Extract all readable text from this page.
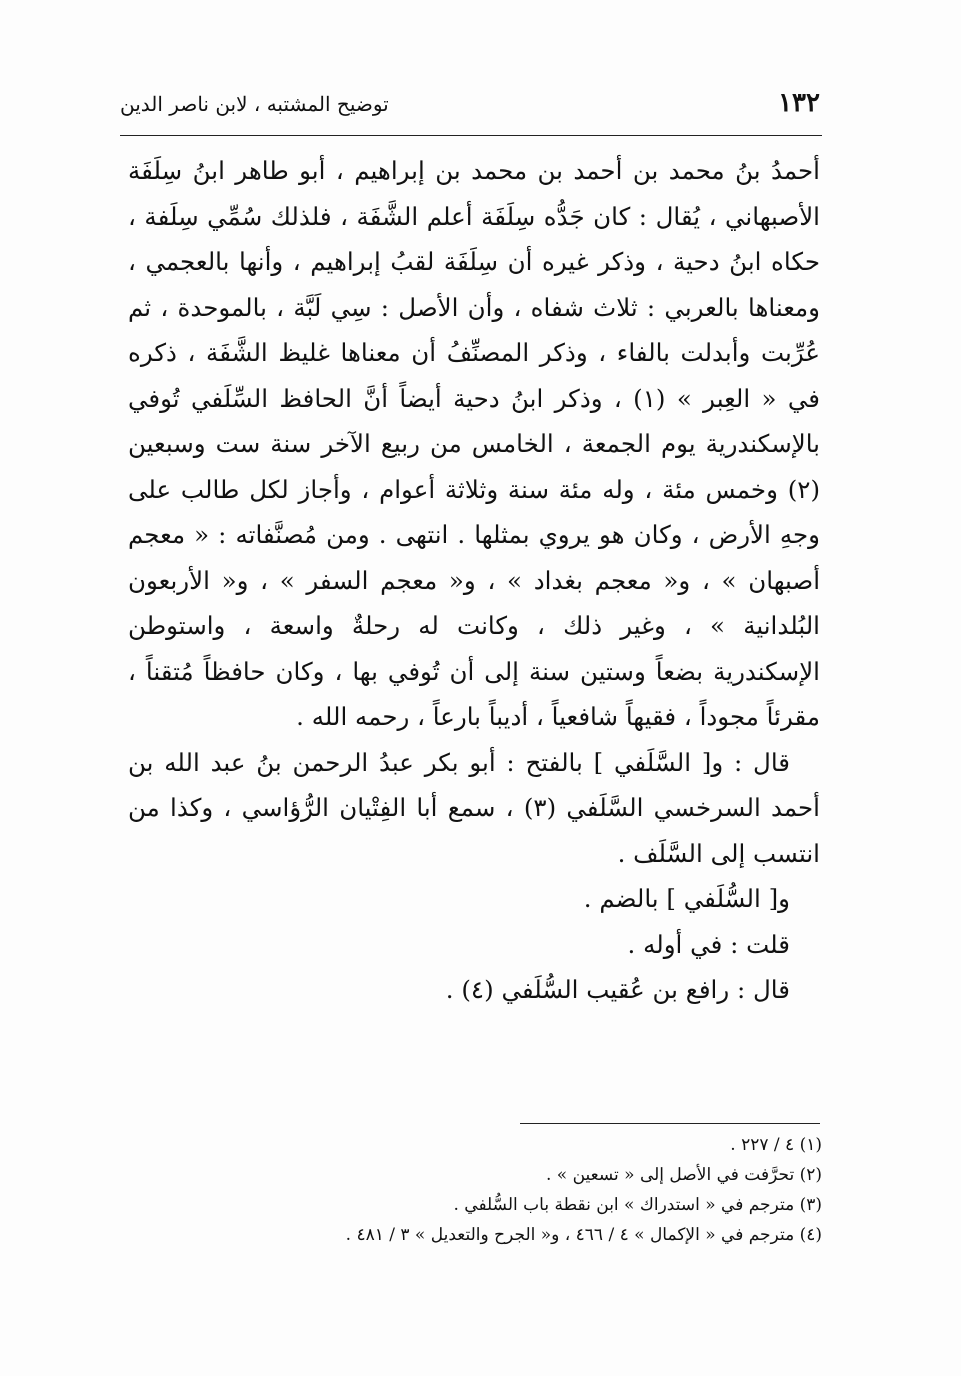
١٣٢
توضيح المشتبه ، لابن ناصر الدين

أحمدُ بنُ محمد بن أحمد بن محمد بن إبراهيم ، أبو طاهر ابنُ سِلَفَة الأصبهاني ، يُقال : كان جَدُّه سِلَفَة أعلم الشَّفَة ، فلذلك سُمِّي سِلَفة ، حكاه ابنُ دحية ، وذكر غيره أن سِلَفَة لقبُ إبراهيم ، وأنها بالعجمي ، ومعناها بالعربي : ثلاث شفاه ، وأن الأصل : سِي لَبَّة ، بالموحدة ، ثم عُرِّبت وأبدلت بالفاء ، وذكر المصنِّفُ أن معناها غليظ الشَّفَة ، ذكره في « العِبر » (١) ، وذكر ابنُ دحية أيضاً أنَّ الحافظ السِّلَفي تُوفي بالإسكندرية يوم الجمعة ، الخامس من ربيع الآخر سنة ست وسبعين (٢) وخمس مئة ، وله مئة سنة وثلاثة أعوام ، وأجاز لكل طالب على وجهِ الأرض ، وكان هو يروي بمثلها . انتهى . ومن مُصنَّفاته : « معجم أصبهان » ، و« معجم بغداد » ، و« معجم السفر » ، و« الأربعون البُلدانية » ، وغير ذلك ، وكانت له رحلةٌ واسعة ، واستوطن الإسكندرية بضعاً وستين سنة إلى أن تُوفي بها ، وكان حافظاً مُتقناً ، مقرئاً مجوداً ، فقيهاً شافعياً ، أديباً بارعاً ، رحمه الله .

قال : و[ السَّلَفي ] بالفتح : أبو بكر عبدُ الرحمن بنُ عبد الله بن أحمد السرخسي السَّلَفي (٣) ، سمع أبا الفِتْيان الرُّؤاسي ، وكذا من انتسب إلى السَّلَف .

و[ السُّلَفي ] بالضم .

قلت : في أوله .

قال : رافع بن عُقيب السُّلَفي (٤) .

(١) ٤ / ٢٢٧ .

(٢) تحرَّفت في الأصل إلى « تسعين » .

(٣) مترجم في « استدراك » ابن نقطة باب السُّلفي .

(٤) مترجم في « الإكمال » ٤ / ٤٦٦ ، و« الجرح والتعديل » ٣ / ٤٨١ .
